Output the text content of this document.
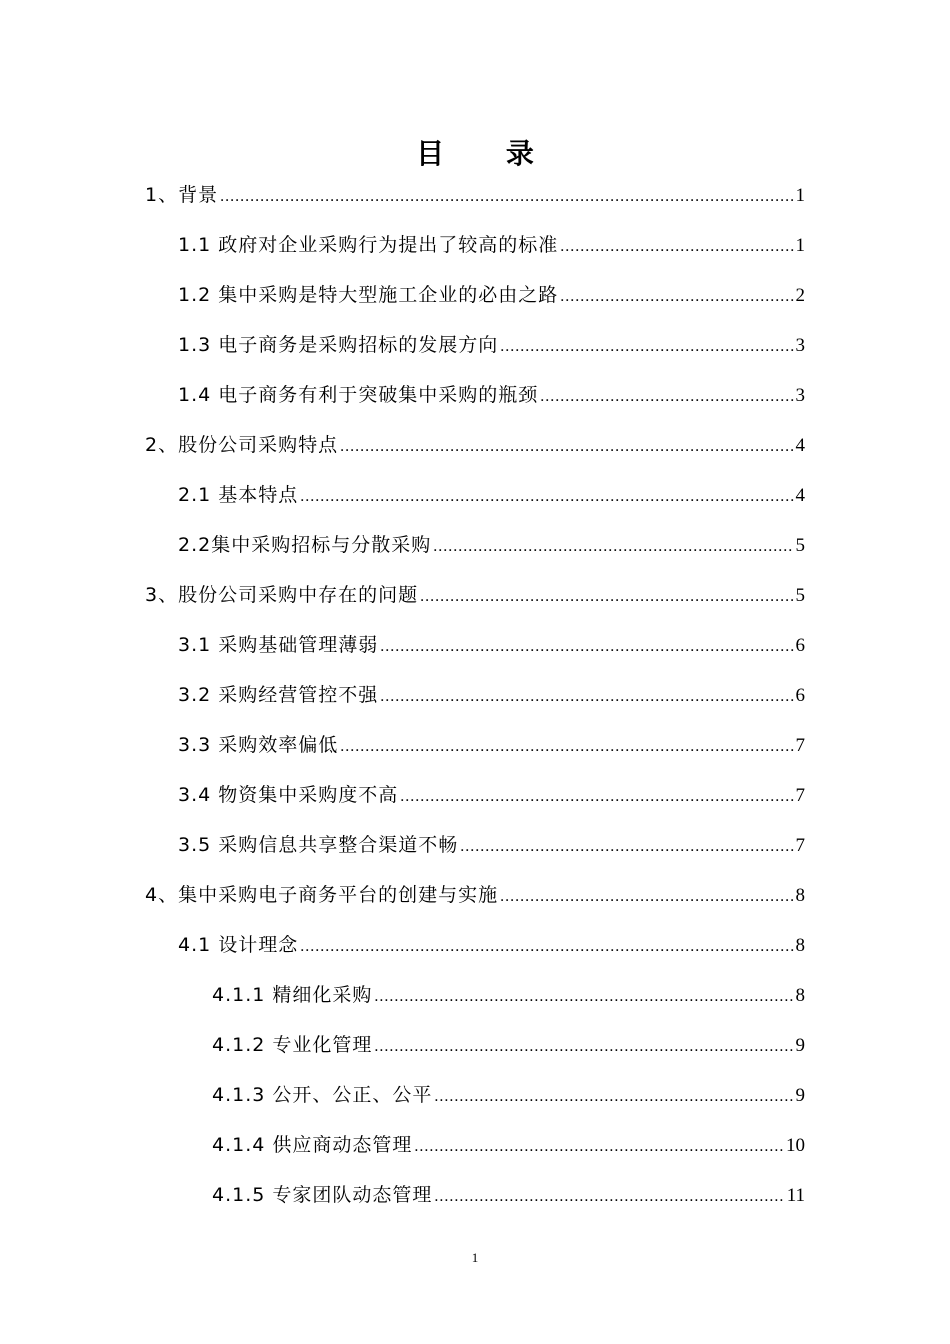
目 录
1、背景 .....	1
1.1 政府对企业采购行为提出了较高的标准 .....	1
1.2 集中采购是特大型施工企业的必由之路 .....	2
1.3 电子商务是采购招标的发展方向 .....	3
1.4 电子商务有利于突破集中采购的瓶颈 .....	3
2、股份公司采购特点 .....	4
2.1 基本特点 .....	4
2.2集中采购招标与分散采购 .....	5
3、股份公司采购中存在的问题 .....	5
3.1 采购基础管理薄弱 .....	6
3.2 采购经营管控不强 .....	6
3.3 采购效率偏低 .....	7
3.4 物资集中采购度不高 .....	7
3.5 采购信息共享整合渠道不畅 .....	7
4、集中采购电子商务平台的创建与实施 .....	8
4.1 设计理念 .....	8
4.1.1 精细化采购 .....	8
4.1.2 专业化管理 .....	9
4.1.3 公开、公正、公平 .....	9
4.1.4 供应商动态管理 .....	10
4.1.5 专家团队动态管理 .....	11
1
